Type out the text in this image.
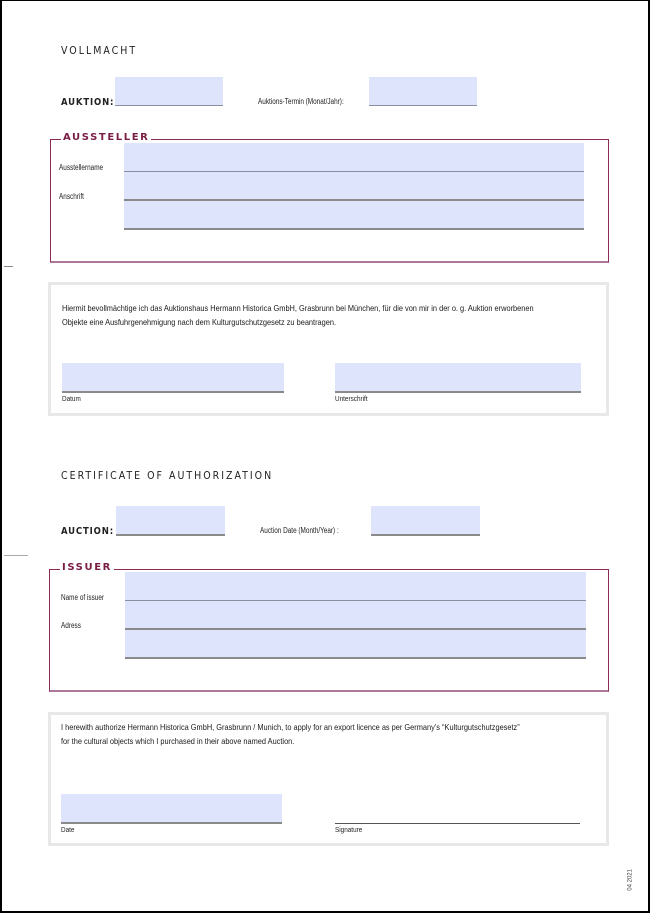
VOLLMACHT
AUKTION:	Auktions-Termin (Monat/Jahr):
AUSSTELLER
Ausstellername
Anschrift
Hiermit bevollmächtige ich das Auktionshaus Hermann Historica GmbH, Grasbrunn bei München, für die von mir in der o. g. Auktion erworbenen
Objekte eine Ausfuhrgenehmigung nach dem Kulturgutschutzgesetz zu beantragen.
Datum	Unterschrift
CERTIFICATE OF AUTHORIZATION
AUCTION:	Auction Date (Month/Year) :
ISSUER
Name of issuer
Adress
I herewith authorize Hermann Historica GmbH, Grasbrunn / Munich, to apply for an export licence as per Germany’s “Kulturgutschutzgesetz”
for the cultural objects which I purchased in their above named Auction.
Date	Signature
04 2021
